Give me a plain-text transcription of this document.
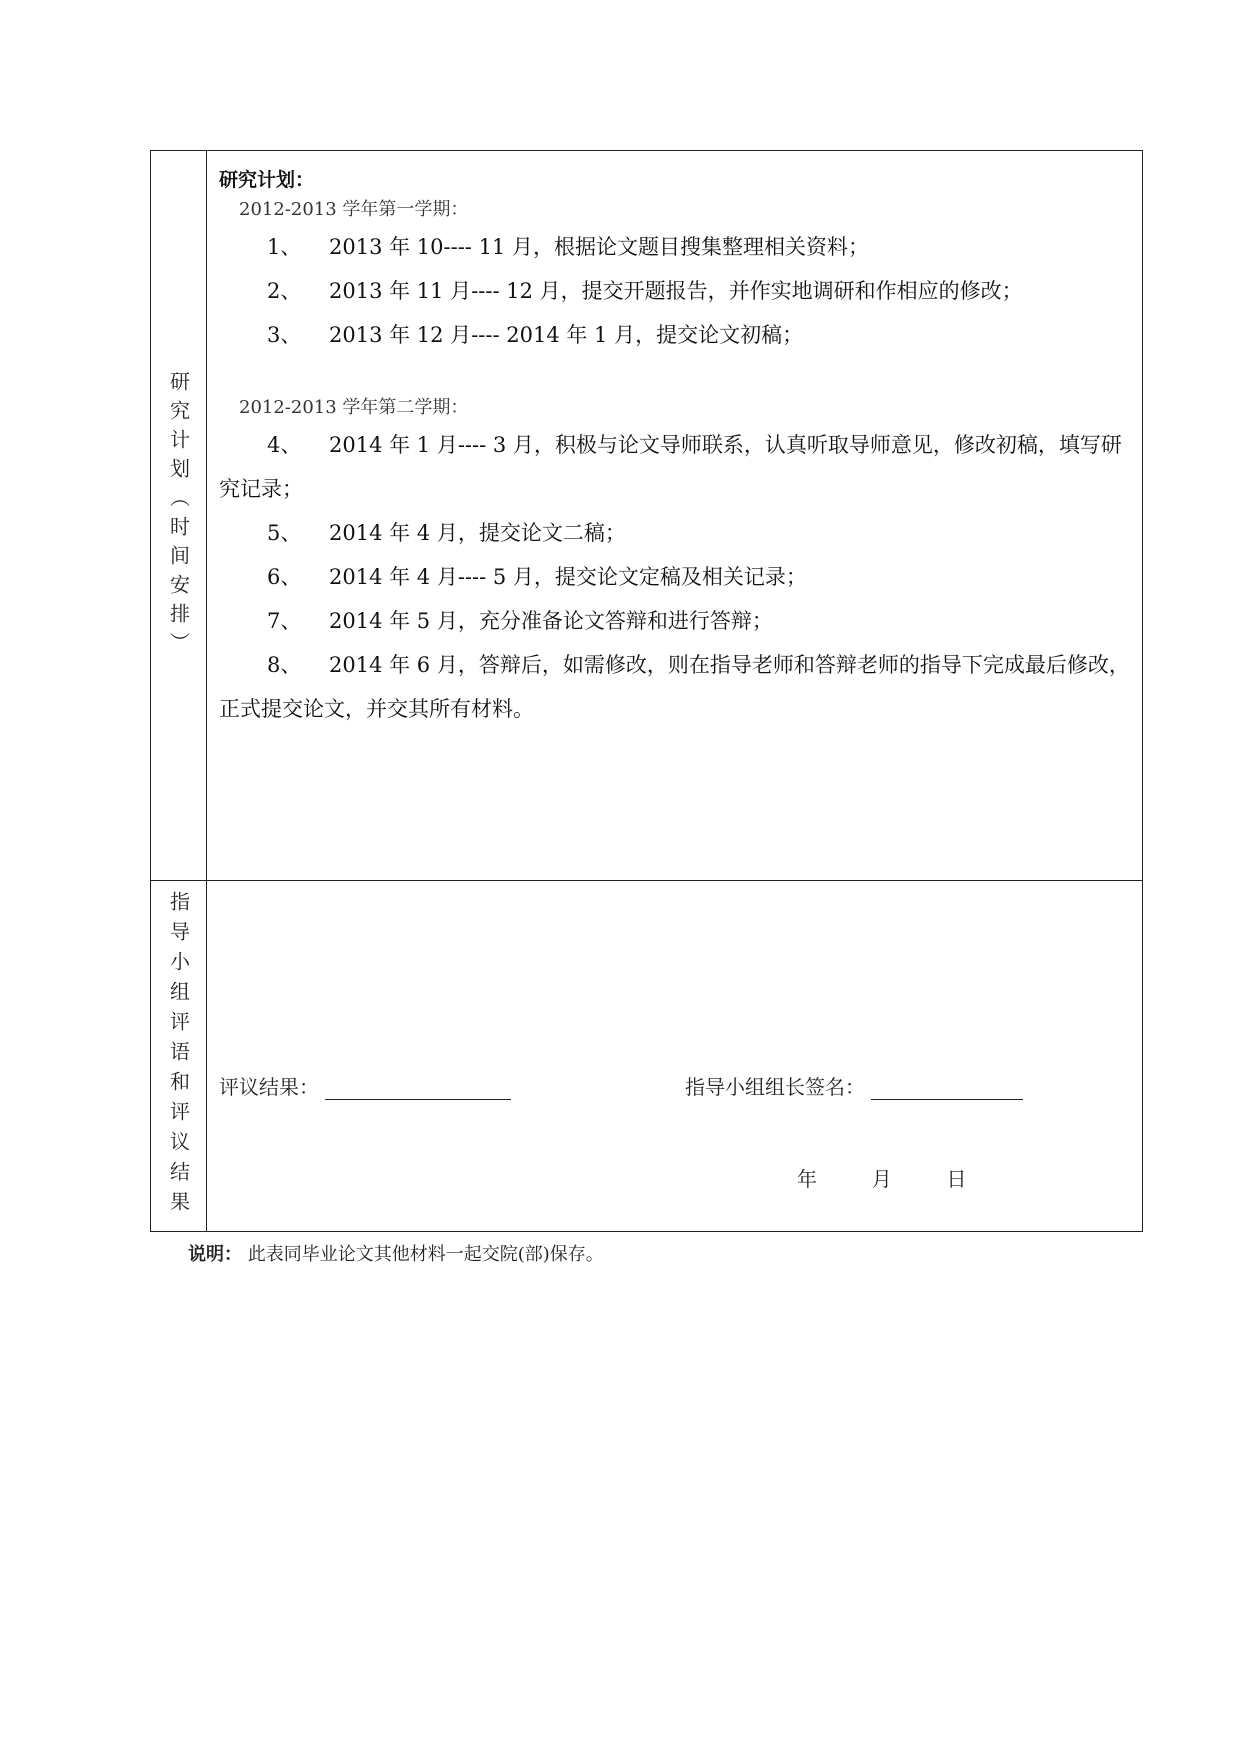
研究计划（时间安排）
研究计划：
2012-2013 学年第一学期：
1、 2013 年 10---- 11 月，根据论文题目搜集整理相关资料；
2、 2013 年 11 月---- 12 月，提交开题报告，并作实地调研和作相应的修改；
3、 2013 年 12 月---- 2014 年 1 月，提交论文初稿；
2012-2013 学年第二学期：
4、 2014 年 1 月---- 3 月，积极与论文导师联系，认真听取导师意见，修改初稿，填写研究记录；
5、 2014 年 4 月，提交论文二稿；
6、 2014 年 4 月---- 5 月，提交论文定稿及相关记录；
7、 2014 年 5 月，充分准备论文答辩和进行答辩；
8、 2014 年 6 月，答辩后，如需修改，则在指导老师和答辩老师的指导下完成最后修改，正式提交论文，并交其所有材料。
指导小组评语和评议结果 评议结果：	指导小组组长签名：
年	月	日
说明： 此表同毕业论文其他材料一起交院(部)保存。
